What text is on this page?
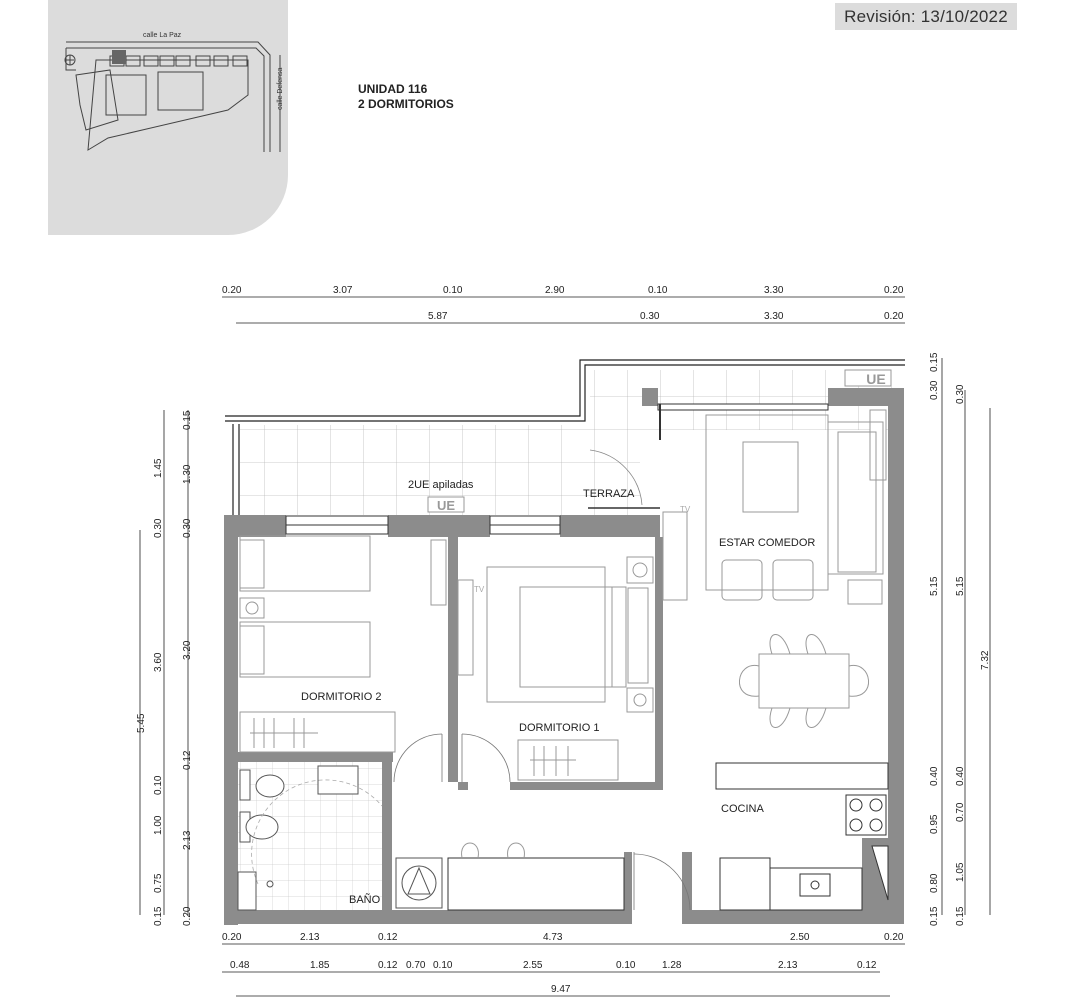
calle La Paz
calle Defensa
Revisión: 13/10/2022
UNIDAD 116
2 DORMITORIOS
UE
UE	TV
TV
2UE apiladas
TERRAZA
ESTAR COMEDOR
DORMITORIO 2
DORMITORIO 1
COCINA
BAÑO
0.20	3.07	0.10	2.90	0.10	3.30	0.20
5.87	0.30	3.30	0.20
0.20	2.13	0.12	4.73	2.50	0.20
0.48	1.85	0.12 0.70 0.10	2.55	0.10	1.28	2.13	0.12
9.47
5.45
1.45
0.30
3.60
0.10
1.00
0.75
0.15
0.15
1.30
0.30
3.20
0.12
2.13
0.20
0.30
0.15
5.15
0.40
0.95
0.80
0.15
0.30
5.15
0.40
0.70
1.05
0.15
7.32
